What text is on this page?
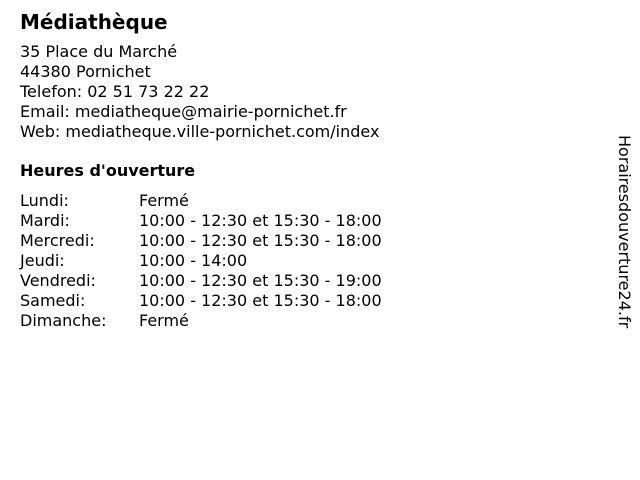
Médiathèque
35 Place du Marché
44380 Pornichet
Telefon: 02 51 73 22 22
Email: mediatheque@mairie-pornichet.fr
Web: mediatheque.ville-pornichet.com/index
Heures d'ouverture
Lundi:	Fermé
Mardi:	10:00 - 12:30 et 15:30 - 18:00
Mercredi:	10:00 - 12:30 et 15:30 - 18:00
Jeudi:	10:00 - 14:00
Vendredi:	10:00 - 12:30 et 15:30 - 19:00
Samedi:	10:00 - 12:30 et 15:30 - 18:00
Dimanche:	Fermé	Horairesdouverture24.fr
